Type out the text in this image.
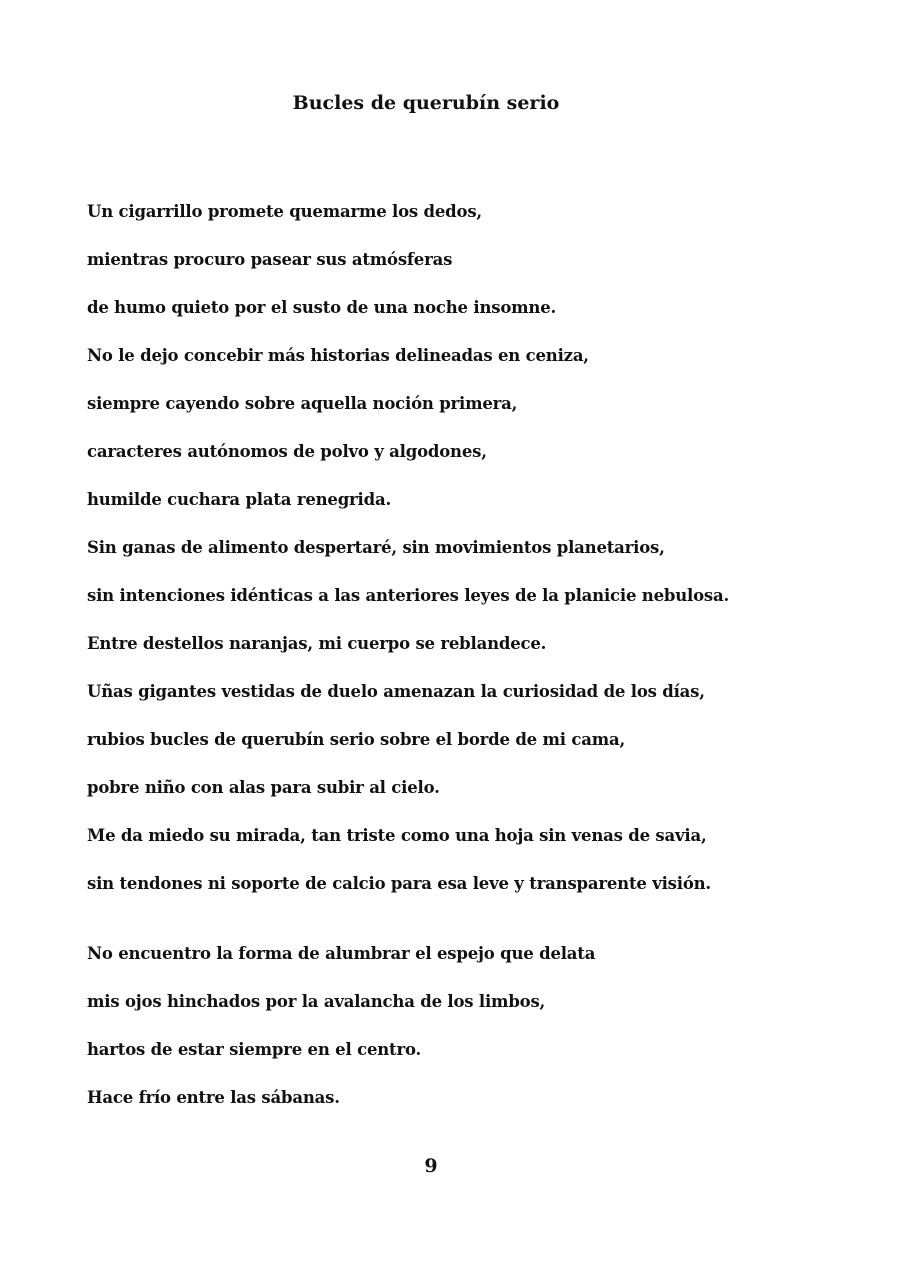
Bucles de querubín serio
Un cigarrillo promete quemarme los dedos,
mientras procuro pasear sus atmósferas
de humo quieto por el susto de una noche insomne.
No le dejo concebir más historias delineadas en ceniza,
siempre cayendo sobre aquella noción primera,
caracteres autónomos de polvo y algodones,
humilde cuchara plata renegrida.
Sin ganas de alimento despertaré, sin movimientos planetarios,
sin intenciones idénticas a las anteriores leyes de la planicie nebulosa.
Entre destellos naranjas, mi cuerpo se reblandece.
Uñas gigantes vestidas de duelo amenazan la curiosidad de los días,
rubios bucles de querubín serio sobre el borde de mi cama,
pobre niño con alas para subir al cielo.
Me da miedo su mirada, tan triste como una hoja sin venas de savia,
sin tendones ni soporte de calcio para esa leve y transparente visión.
No encuentro la forma de alumbrar el espejo que delata
mis ojos hinchados por la avalancha de los limbos,
hartos de estar siempre en el centro.
Hace frío entre las sábanas.
9
